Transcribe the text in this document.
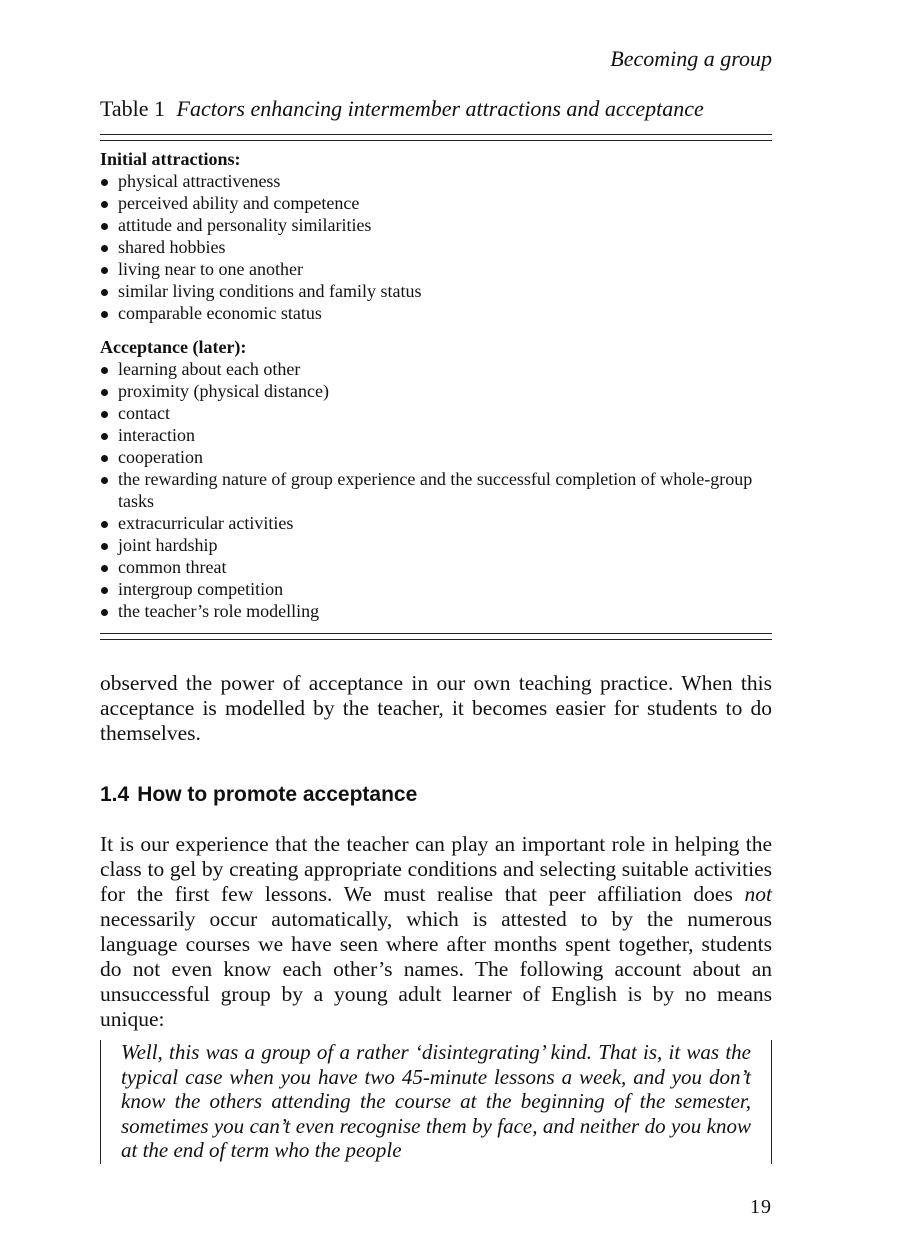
Becoming a group
Table 1 Factors enhancing intermember attractions and acceptance
Initial attractions:
physical attractiveness
perceived ability and competence
attitude and personality similarities
shared hobbies
living near to one another
similar living conditions and family status
comparable economic status
Acceptance (later):
learning about each other
proximity (physical distance)
contact
interaction
cooperation
the rewarding nature of group experience and the successful completion of whole-group tasks
extracurricular activities
joint hardship
common threat
intergroup competition
the teacher’s role modelling

observed the power of acceptance in our own teaching practice. When this acceptance is modelled by the teacher, it becomes easier for students to do themselves.

1.4 How to promote acceptance

It is our experience that the teacher can play an important role in helping the class to gel by creating appropriate conditions and selecting suitable activities for the first few lessons. We must realise that peer affiliation does not necessarily occur automatically, which is attested to by the numerous language courses we have seen where after months spent together, students do not even know each other’s names. The following account about an unsuccessful group by a young adult learner of English is by no means unique:

Well, this was a group of a rather ‘disintegrating’ kind. That is, it was the typical case when you have two 45-minute lessons a week, and you don’t know the others attending the course at the beginning of the semester, sometimes you can’t even recognise them by face, and neither do you know at the end of term who the people
19
